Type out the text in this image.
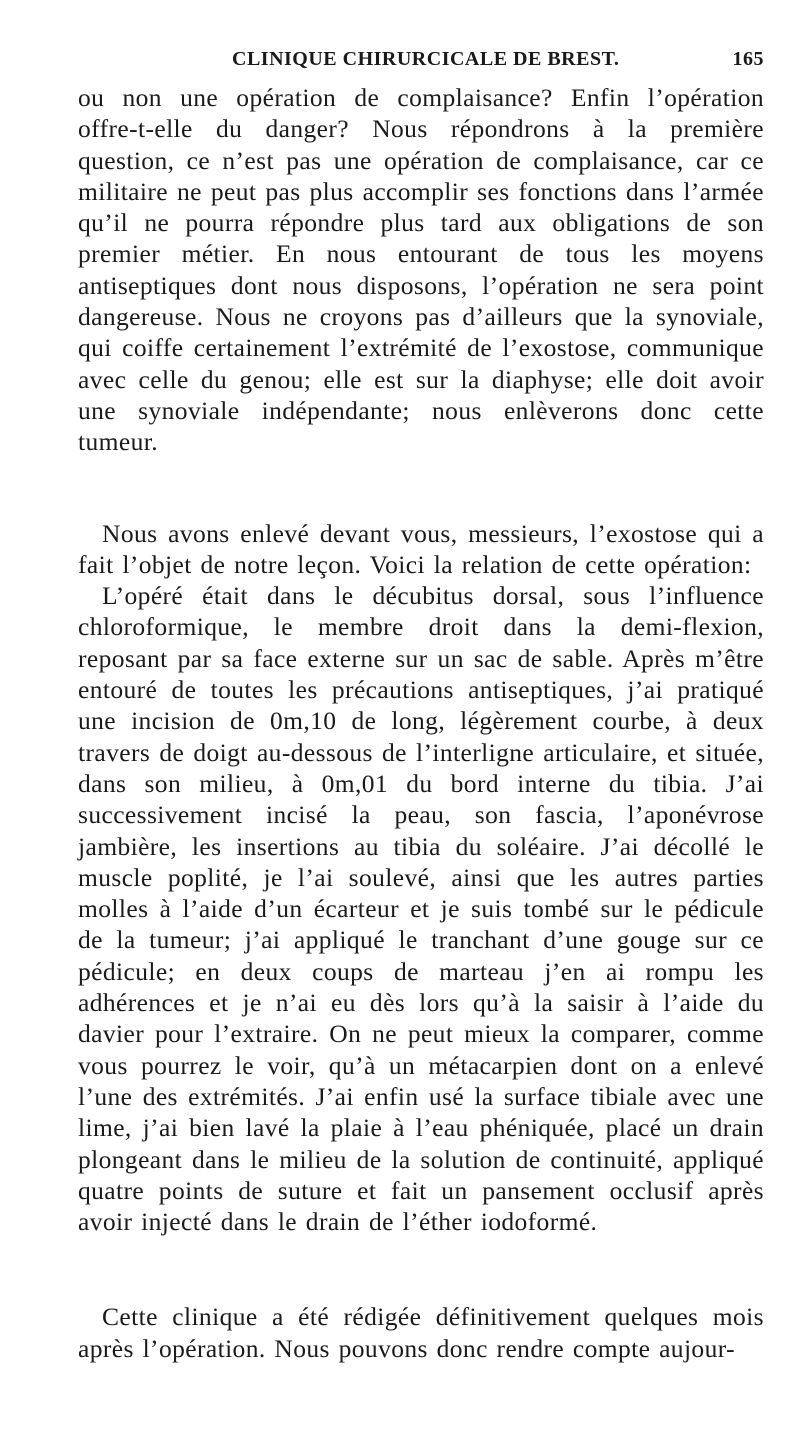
CLINIQUE CHIRURCICALE DE BREST.	165

ou non une opération de complaisance? Enfin l’opération offre-t-elle du danger? Nous répondrons à la première question, ce n’est pas une opération de complaisance, car ce militaire ne peut pas plus accomplir ses fonctions dans l’armée qu’il ne pourra répondre plus tard aux obligations de son premier métier. En nous entourant de tous les moyens antiseptiques dont nous disposons, l’opération ne sera point dangereuse. Nous ne croyons pas d’ailleurs que la synoviale, qui coiffe certainement l’extrémité de l’exostose, communique avec celle du genou; elle est sur la diaphyse; elle doit avoir une synoviale indépendante; nous enlèverons donc cette tumeur.

Nous avons enlevé devant vous, messieurs, l’exostose qui a fait l’objet de notre leçon. Voici la relation de cette opération:

L’opéré était dans le décubitus dorsal, sous l’influence chloroformique, le membre droit dans la demi-flexion, reposant par sa face externe sur un sac de sable. Après m’être entouré de toutes les précautions antiseptiques, j’ai pratiqué une incision de 0m,10 de long, légèrement courbe, à deux travers de doigt au-dessous de l’interligne articulaire, et située, dans son milieu, à 0m,01 du bord interne du tibia. J’ai successivement incisé la peau, son fascia, l’aponévrose jambière, les insertions au tibia du soléaire. J’ai décollé le muscle poplité, je l’ai soulevé, ainsi que les autres parties molles à l’aide d’un écarteur et je suis tombé sur le pédicule de la tumeur; j’ai appliqué le tranchant d’une gouge sur ce pédicule; en deux coups de marteau j’en ai rompu les adhérences et je n’ai eu dès lors qu’à la saisir à l’aide du davier pour l’extraire. On ne peut mieux la comparer, comme vous pourrez le voir, qu’à un métacarpien dont on a enlevé l’une des extrémités. J’ai enfin usé la surface tibiale avec une lime, j’ai bien lavé la plaie à l’eau phéniquée, placé un drain plongeant dans le milieu de la solution de continuité, appliqué quatre points de suture et fait un pansement occlusif après avoir injecté dans le drain de l’éther iodoformé.

Cette clinique a été rédigée définitivement quelques mois après l’opération. Nous pouvons donc rendre compte aujour-
